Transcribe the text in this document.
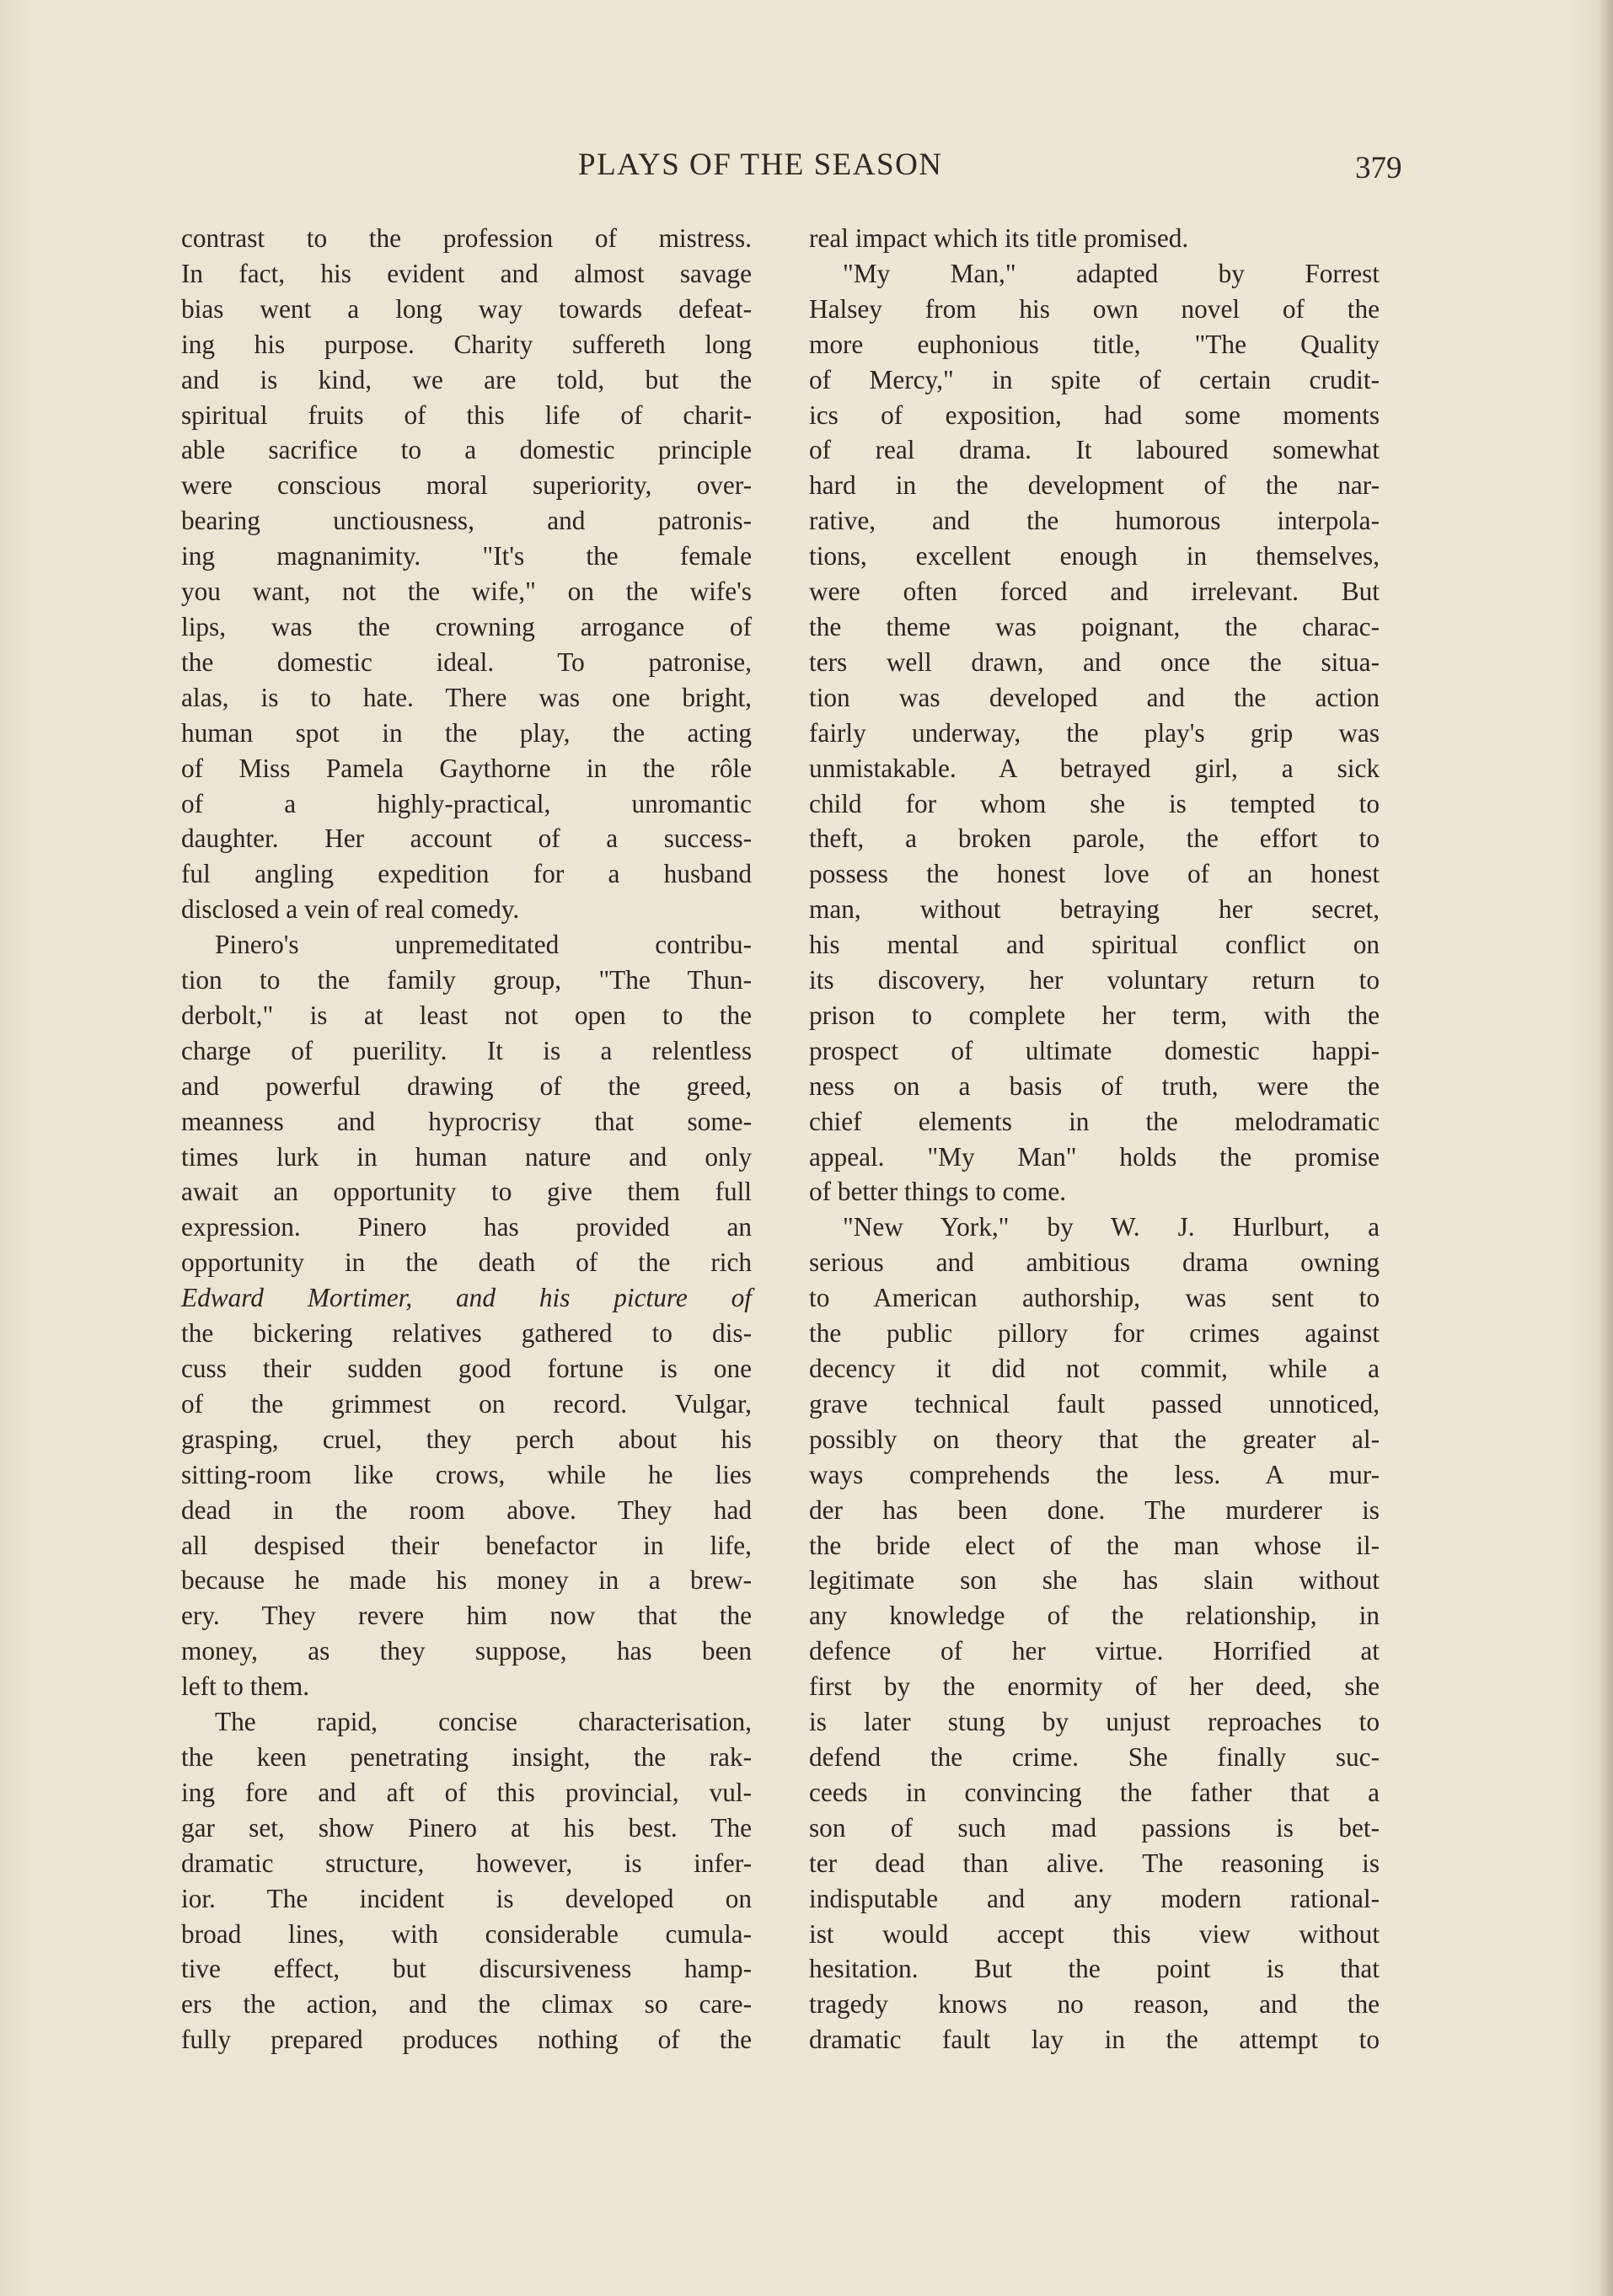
PLAYS OF THE SEASON	379
contrast to the profession of mistress.
In fact, his evident and almost savage
bias went a long way towards defeat-
ing his purpose. Charity suffereth long
and is kind, we are told, but the
spiritual fruits of this life of charit-
able sacrifice to a domestic principle
were conscious moral superiority, over-
bearing unctiousness, and patronis-
ing magnanimity. "It's the female
you want, not the wife," on the wife's
lips, was the crowning arrogance of
the domestic ideal. To patronise,
alas, is to hate. There was one bright,
human spot in the play, the acting
of Miss Pamela Gaythorne in the rôle
of a highly-practical, unromantic
daughter. Her account of a success-
ful angling expedition for a husband
disclosed a vein of real comedy.
Pinero's unpremeditated contribu-
tion to the family group, "The Thun-
derbolt," is at least not open to the
charge of puerility. It is a relentless
and powerful drawing of the greed,
meanness and hyprocrisy that some-
times lurk in human nature and only
await an opportunity to give them full
expression. Pinero has provided an
opportunity in the death of the rich
Edward Mortimer, and his picture of
the bickering relatives gathered to dis-
cuss their sudden good fortune is one
of the grimmest on record. Vulgar,
grasping, cruel, they perch about his
sitting-room like crows, while he lies
dead in the room above. They had
all despised their benefactor in life,
because he made his money in a brew-
ery. They revere him now that the
money, as they suppose, has been
left to them.
The rapid, concise characterisation,
the keen penetrating insight, the rak-
ing fore and aft of this provincial, vul-
gar set, show Pinero at his best. The
dramatic structure, however, is infer-
ior. The incident is developed on
broad lines, with considerable cumula-
tive effect, but discursiveness hamp-
ers the action, and the climax so care-
fully prepared produces nothing of the
real impact which its title promised.
"My Man," adapted by Forrest
Halsey from his own novel of the
more euphonious title, "The Quality
of Mercy," in spite of certain crudit-
ics of exposition, had some moments
of real drama. It laboured somewhat
hard in the development of the nar-
rative, and the humorous interpola-
tions, excellent enough in themselves,
were often forced and irrelevant. But
the theme was poignant, the charac-
ters well drawn, and once the situa-
tion was developed and the action
fairly underway, the play's grip was
unmistakable. A betrayed girl, a sick
child for whom she is tempted to
theft, a broken parole, the effort to
possess the honest love of an honest
man, without betraying her secret,
his mental and spiritual conflict on
its discovery, her voluntary return to
prison to complete her term, with the
prospect of ultimate domestic happi-
ness on a basis of truth, were the
chief elements in the melodramatic
appeal. "My Man" holds the promise
of better things to come.
"New York," by W. J. Hurlburt, a
serious and ambitious drama owning
to American authorship, was sent to
the public pillory for crimes against
decency it did not commit, while a
grave technical fault passed unnoticed,
possibly on theory that the greater al-
ways comprehends the less. A mur-
der has been done. The murderer is
the bride elect of the man whose il-
legitimate son she has slain without
any knowledge of the relationship, in
defence of her virtue. Horrified at
first by the enormity of her deed, she
is later stung by unjust reproaches to
defend the crime. She finally suc-
ceeds in convincing the father that a
son of such mad passions is bet-
ter dead than alive. The reasoning is
indisputable and any modern rational-
ist would accept this view without
hesitation. But the point is that
tragedy knows no reason, and the
dramatic fault lay in the attempt to
